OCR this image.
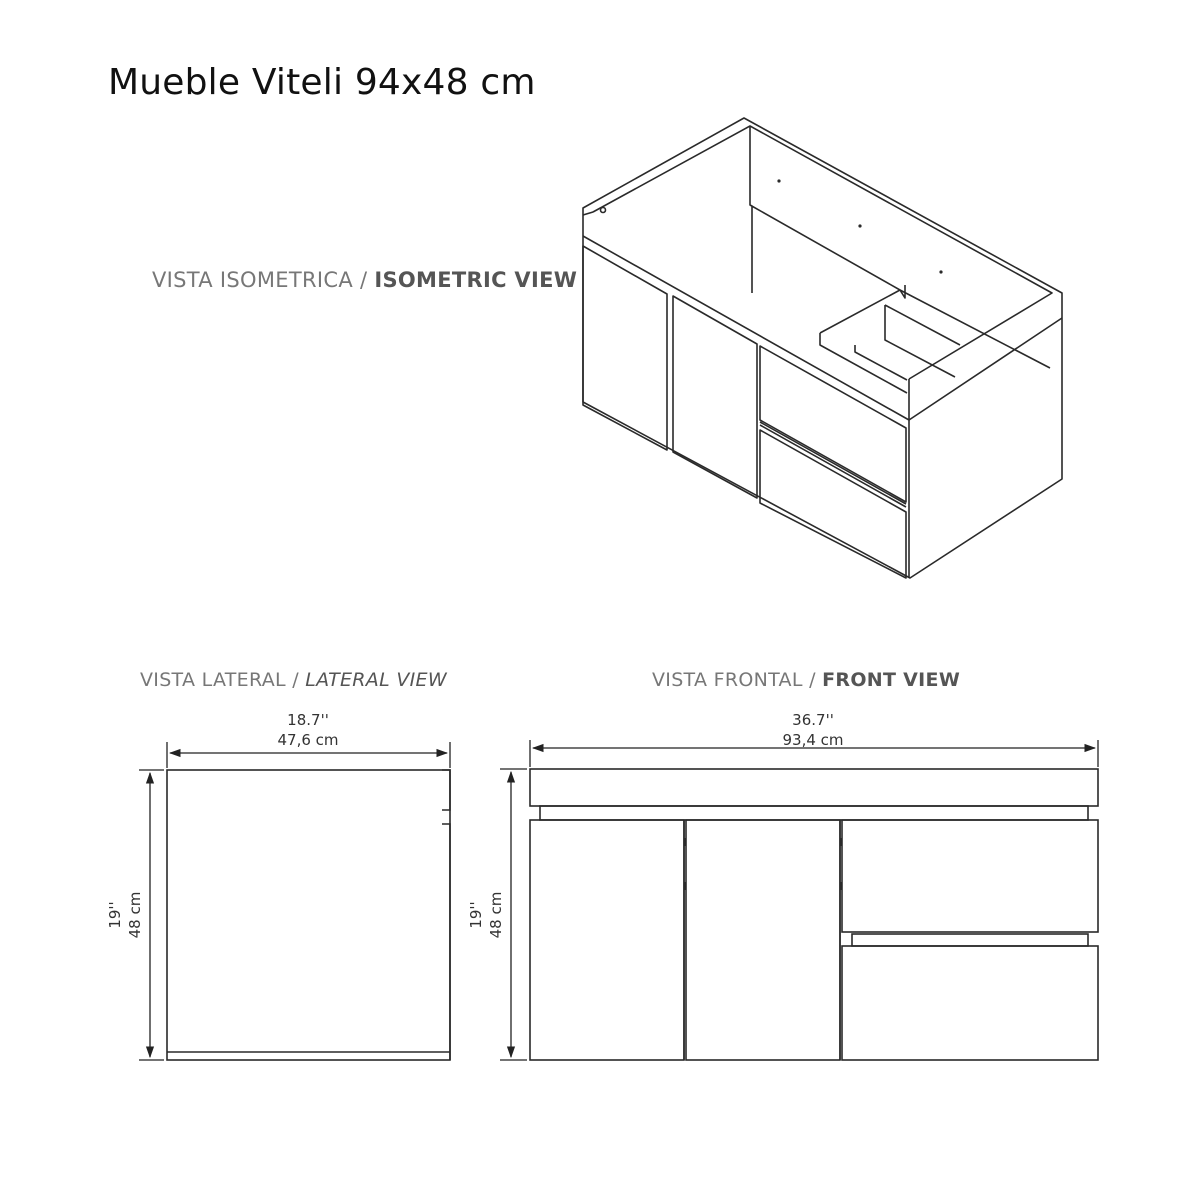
Mueble Viteli 94x48 cm
VISTA ISOMETRICA / ISOMETRIC VIEW
VISTA LATERAL / LATERAL VIEW	VISTA FRONTAL / FRONT VIEW
18.7''
47,6 cm
36.7''
93,4 cm
19'' 48 cm	19'' 48 cm
